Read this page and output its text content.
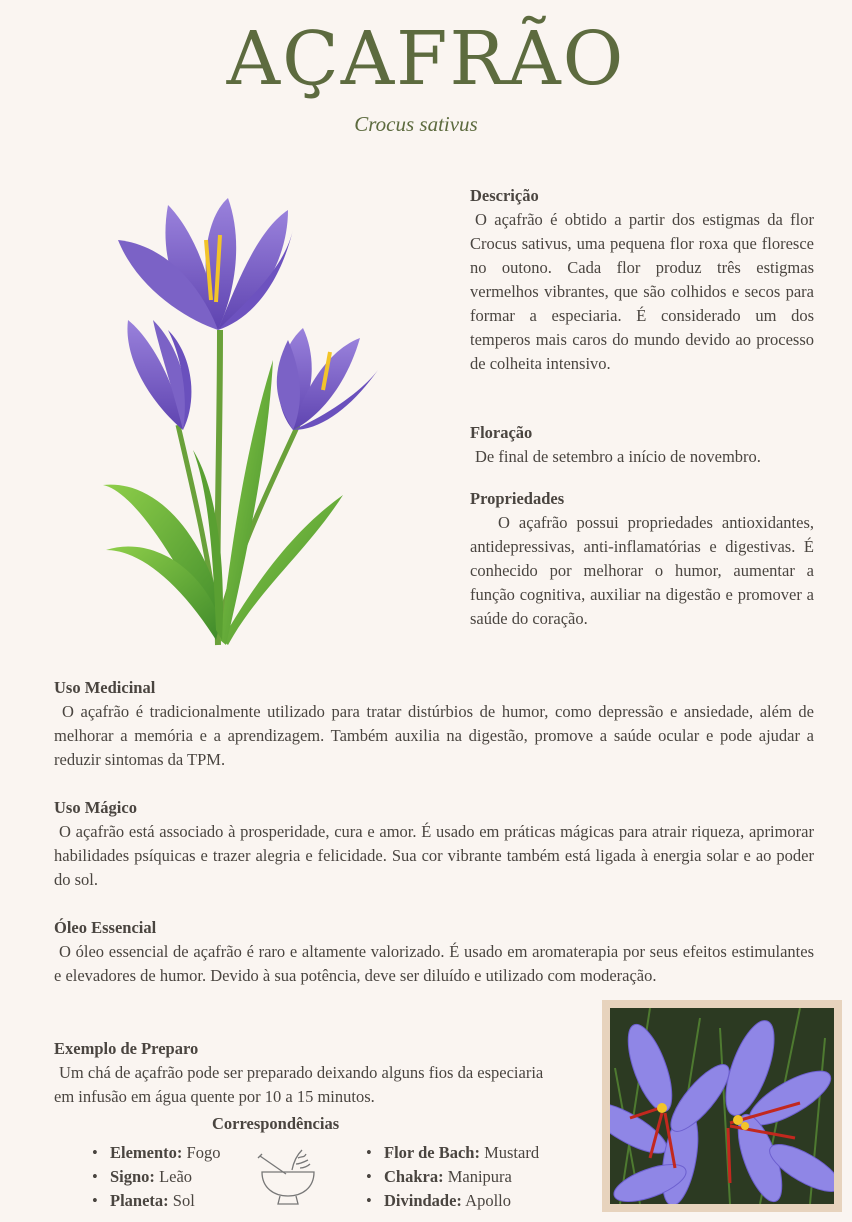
AÇAFRÃO
Crocus sativus
Descrição

O açafrão é obtido a partir dos estigmas da flor Crocus sativus, uma pequena flor roxa que floresce no outono. Cada flor produz três estigmas vermelhos vibrantes, que são colhidos e secos para formar a especiaria. É considerado um dos temperos mais caros do mundo devido ao processo de colheita intensivo.

Floração

De final de setembro a início de novembro.

Propriedades

O açafrão possui propriedades antioxidantes, antidepressivas, anti-inflamatórias e digestivas. É conhecido por melhorar o humor, aumentar a função cognitiva, auxiliar na digestão e promover a saúde do coração.

Uso Medicinal

O açafrão é tradicionalmente utilizado para tratar distúrbios de humor, como depressão e ansiedade, além de melhorar a memória e a aprendizagem. Também auxilia na digestão, promove a saúde ocular e pode ajudar a reduzir sintomas da TPM.

Uso Mágico

O açafrão está associado à prosperidade, cura e amor. É usado em práticas mágicas para atrair riqueza, aprimorar habilidades psíquicas e trazer alegria e felicidade. Sua cor vibrante também está ligada à energia solar e ao poder do sol.

Óleo Essencial

O óleo essencial de açafrão é raro e altamente valorizado. É usado em aromaterapia por seus efeitos estimulantes e elevadores de humor. Devido à sua potência, deve ser diluído e utilizado com moderação.

Exemplo de Preparo

Um chá de açafrão pode ser preparado deixando alguns fios da especiaria em infusão em água quente por 10 a 15 minutos.

Correspondências
• Elemento: Fogo
• Signo: Leão
• Planeta: Sol
• Flor de Bach: Mustard
• Chakra: Manipura
• Divindade: Apollo
